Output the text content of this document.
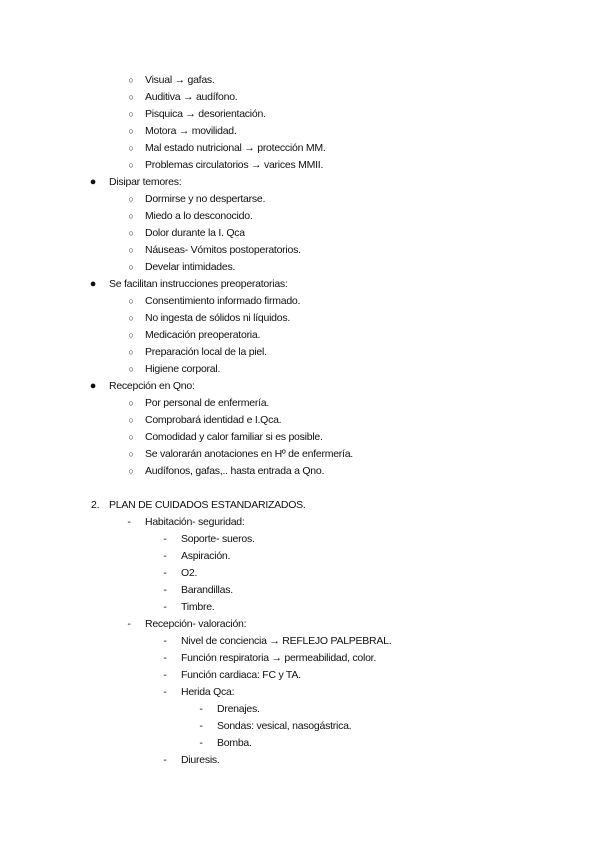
○	Visual → gafas.
○	Auditiva → audífono.
○	Pisquica → desorientación.
○	Motora → movilidad.
○	Mal estado nutricional → protección MM.
○	Problemas circulatorios → varices MMII.
●	Disipar temores:
○	Dormirse y no despertarse.
○	Miedo a lo desconocido.
○	Dolor durante la I. Qca
○	Náuseas- Vómitos postoperatorios.
○	Develar intimidades.
●	Se facilitan instrucciones preoperatorias:
○	Consentimiento informado firmado.
○	No ingesta de sólidos ni líquidos.
○	Medicación preoperatoria.
○	Preparación local de la piel.
○	Higiene corporal.
●	Recepción en Qno:
○	Por personal de enfermería.
○	Comprobará identidad e I.Qca.
○	Comodidad y calor familiar si es posible.
○	Se valorarán anotaciones en Hº de enfermería.
○	Audífonos, gafas,.. hasta entrada a Qno.
2. PLAN DE CUIDADOS ESTANDARIZADOS.
-	Habitación- seguridad:
-	Soporte- sueros.
-	Aspiración.
-	O2.
-	Barandillas.
-	Timbre.
-	Recepción- valoración:
-	Nivel de conciencia → REFLEJO PALPEBRAL.
-	Función respiratoria → permeabilidad, color.
-	Función cardiaca: FC y TA.
-	Herida Qca:
-	Drenajes.
-	Sondas: vesical, nasogástrica.
-	Bomba.
-	Diuresis.
